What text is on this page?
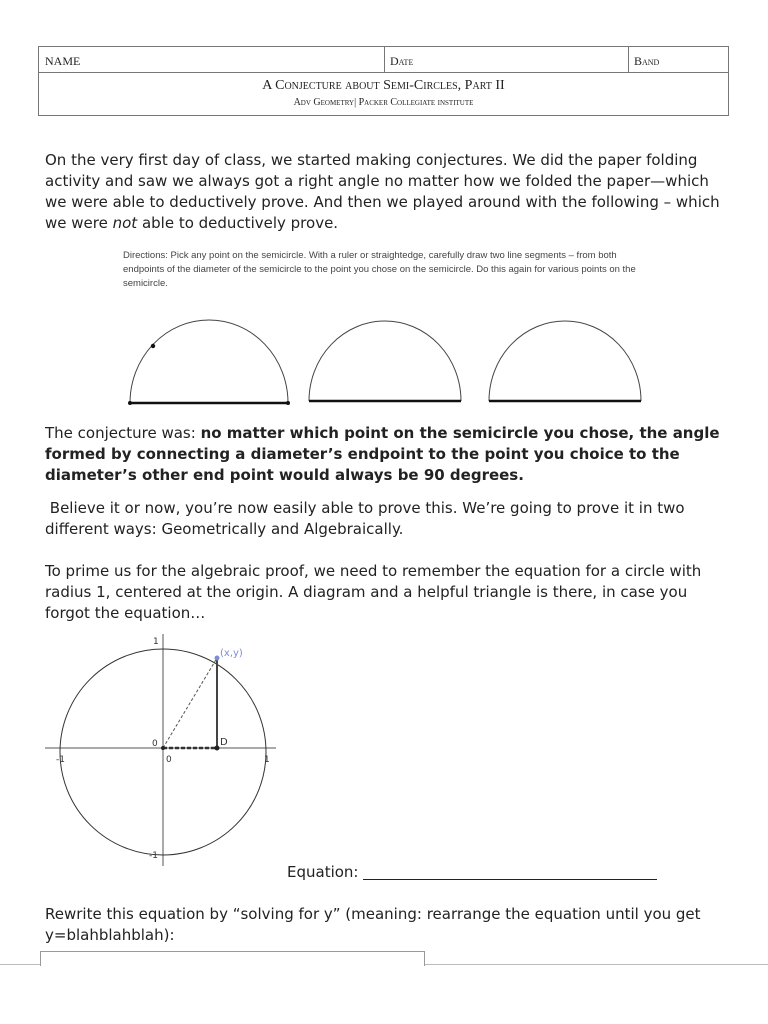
NAME	Date	Band
A Conjecture about Semi-Circles, Part II
Adv Geometry| Packer Collegiate institute
On the very first day of class, we started making conjectures. We did the paper folding activity and saw we always got a right angle no matter how we folded the paper—which we were able to deductively prove. And then we played around with the following – which we were not able to deductively prove.
Directions: Pick any point on the semicircle. With a ruler or straightedge, carefully draw two line segments – from both endpoints of the diameter of the semicircle to the point you chose on the semicircle. Do this again for various points on the semicircle.
The conjecture was: no matter which point on the semicircle you chose, the angle formed by connecting a diameter’s endpoint to the point you choice to the diameter’s other end point would always be 90 degrees.
Believe it or now, you’re now easily able to prove this. We’re going to prove it in two different ways: Geometrically and Algebraically.
To prime us for the algebraic proof, we need to remember the equation for a circle with radius 1, centered at the origin. A diagram and a helpful triangle is there, in case you forgot the equation…
(x,y)
0
0
D
-1	1
1
-1
Equation:
Rewrite this equation by “solving for y” (meaning: rearrange the equation until you get y=blahblahblah):
